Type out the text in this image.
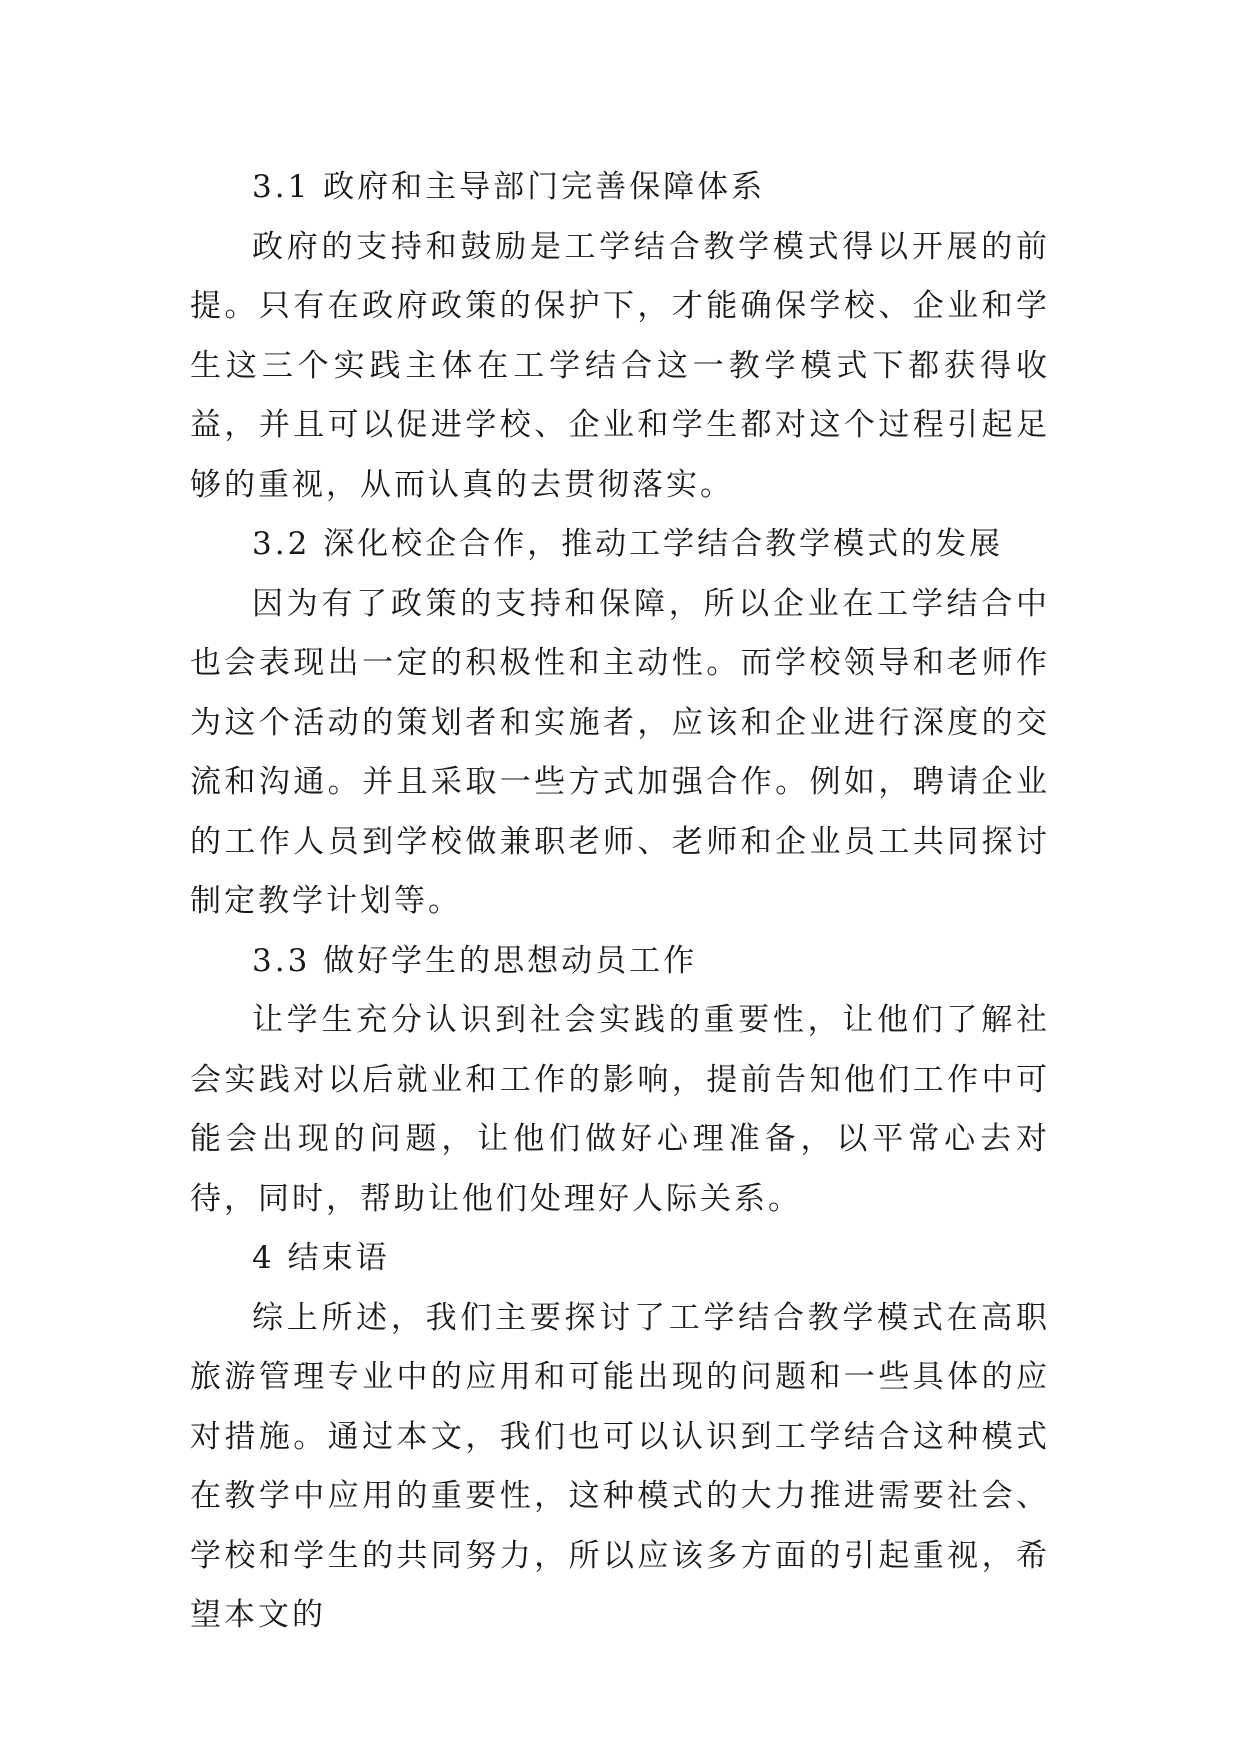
3.1 政府和主导部门完善保障体系

政府的支持和鼓励是工学结合教学模式得以开展的前提。只有在政府政策的保护下，才能确保学校、企业和学生这三个实践主体在工学结合这一教学模式下都获得收益，并且可以促进学校、企业和学生都对这个过程引起足够的重视，从而认真的去贯彻落实。

3.2 深化校企合作，推动工学结合教学模式的发展

因为有了政策的支持和保障，所以企业在工学结合中也会表现出一定的积极性和主动性。而学校领导和老师作为这个活动的策划者和实施者，应该和企业进行深度的交流和沟通。并且采取一些方式加强合作。例如，聘请企业的工作人员到学校做兼职老师、老师和企业员工共同探讨制定教学计划等。

3.3 做好学生的思想动员工作

让学生充分认识到社会实践的重要性，让他们了解社会实践对以后就业和工作的影响，提前告知他们工作中可能会出现的问题，让他们做好心理准备，以平常心去对待，同时，帮助让他们处理好人际关系。

4 结束语

综上所述，我们主要探讨了工学结合教学模式在高职旅游管理专业中的应用和可能出现的问题和一些具体的应对措施。通过本文，我们也可以认识到工学结合这种模式在教学中应用的重要性，这种模式的大力推进需要社会、学校和学生的共同努力，所以应该多方面的引起重视，希望本文的
